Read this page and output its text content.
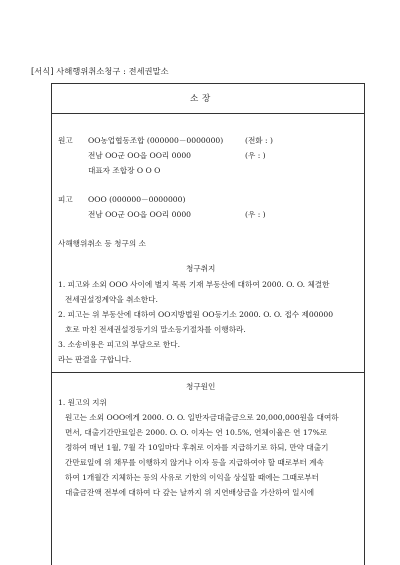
[서식] 사해행위취소청구 : 전세권말소
소 장
원고 OO농업협동조합 (000000－0000000)	(전화 : )
전남 OO군 OO읍 OO리 0000	(우 : )
대표자 조합장 O O O
피고 OOO (000000－0000000)
전남 OO군 OO읍 OO리 0000	(우 : )
사해행위취소 등 청구의 소
청구취지
1. 피고와 소외 OOO 사이에 별지 목록 기재 부동산에 대하여 2000. O. O. 체결한
전세권설정계약을 취소한다.
2. 피고는 위 부동산에 대하여 OO지방법원 OO등기소 2000. O. O. 접수 제00000
호로 마친 전세권설정등기의 말소등기절차를 이행하라.
3. 소송비용은 피고의 부담으로 한다.
라는 판결을 구합니다.
청구원인
1. 원고의 지위
원고는 소외 OOO에게 2000. O. O. 일반자금대출금으로 20,000,000원을 대여하
면서, 대출기간만료일은 2000. O. O. 이자는 연 10.5%, 연체이율은 연 17%로
정하여 매년 1월, 7월 각 10일마다 후취로 이자를 지급하기로 하되, 만약 대출기
간만료일에 위 채무를 이행하지 않거나 이자 등을 지급하여야 할 때로부터 계속
하여 1개월간 지체하는 등의 사유로 기한의 이익을 상실할 때에는 그때로부터
대출금잔액 전부에 대하여 다 갚는 날까지 위 지연배상금을 가산하여 일시에
